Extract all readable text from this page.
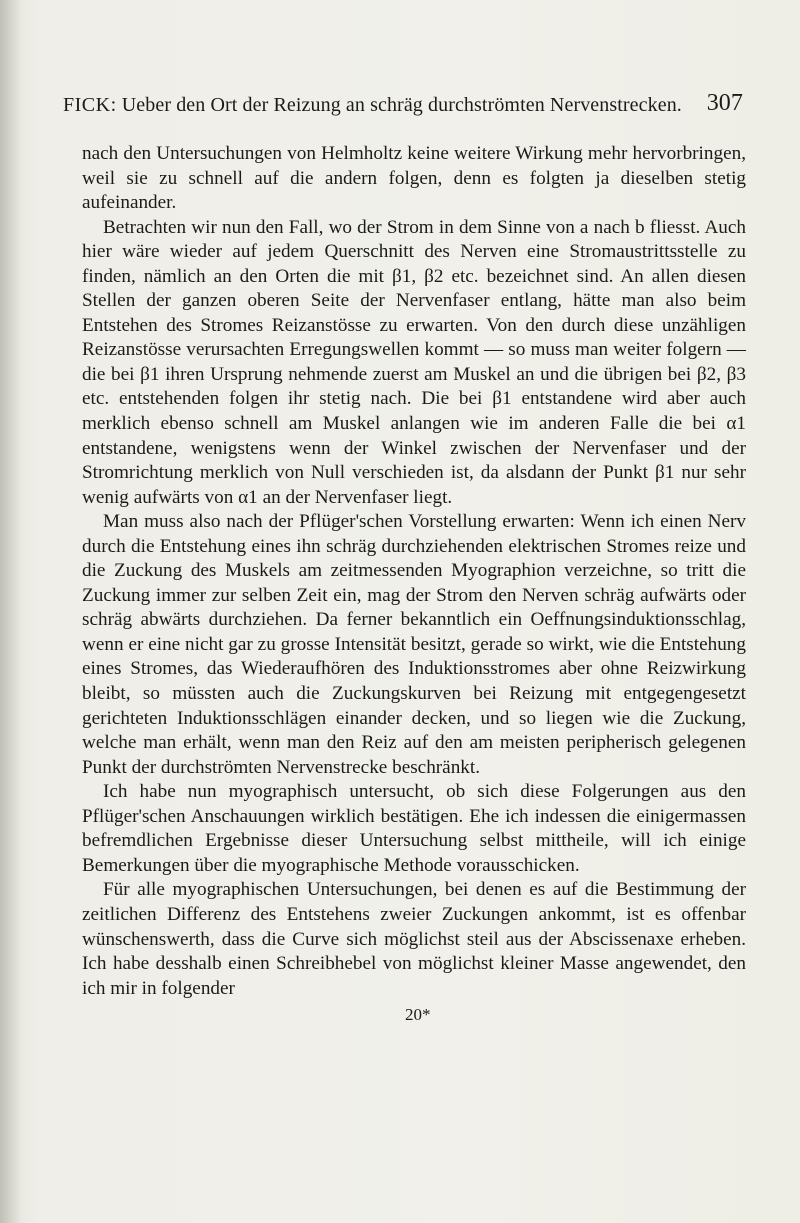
FICK: Ueber den Ort der Reizung an schräg durchströmten Nervenstrecken. 307

nach den Untersuchungen von Helmholtz keine weitere Wirkung mehr hervorbringen, weil sie zu schnell auf die andern folgen, denn es folgten ja dieselben stetig aufeinander.

Betrachten wir nun den Fall, wo der Strom in dem Sinne von a nach b fliesst. Auch hier wäre wieder auf jedem Querschnitt des Nerven eine Stromaustrittsstelle zu finden, nämlich an den Orten die mit β1, β2 etc. bezeichnet sind. An allen diesen Stellen der ganzen oberen Seite der Nervenfaser entlang, hätte man also beim Entstehen des Stromes Reizanstösse zu erwarten. Von den durch diese unzähligen Reizanstösse verursachten Erregungswellen kommt — so muss man weiter folgern — die bei β1 ihren Ursprung nehmende zuerst am Muskel an und die übrigen bei β2, β3 etc. entstehenden folgen ihr stetig nach. Die bei β1 entstandene wird aber auch merklich ebenso schnell am Muskel anlangen wie im anderen Falle die bei α1 entstandene, wenigstens wenn der Winkel zwischen der Nervenfaser und der Stromrichtung merklich von Null verschieden ist, da alsdann der Punkt β1 nur sehr wenig aufwärts von α1 an der Nervenfaser liegt.

Man muss also nach der Pflüger'schen Vorstellung erwarten: Wenn ich einen Nerv durch die Entstehung eines ihn schräg durchziehenden elektrischen Stromes reize und die Zuckung des Muskels am zeitmessenden Myographion verzeichne, so tritt die Zuckung immer zur selben Zeit ein, mag der Strom den Nerven schräg aufwärts oder schräg abwärts durchziehen. Da ferner bekanntlich ein Oeffnungsinduktionsschlag, wenn er eine nicht gar zu grosse Intensität besitzt, gerade so wirkt, wie die Entstehung eines Stromes, das Wiederaufhören des Induktionsstromes aber ohne Reizwirkung bleibt, so müssten auch die Zuckungskurven bei Reizung mit entgegengesetzt gerichteten Induktionsschlägen einander decken, und so liegen wie die Zuckung, welche man erhält, wenn man den Reiz auf den am meisten peripherisch gelegenen Punkt der durchströmten Nervenstrecke beschränkt.

Ich habe nun myographisch untersucht, ob sich diese Folgerungen aus den Pflüger'schen Anschauungen wirklich bestätigen. Ehe ich indessen die einigermassen befremdlichen Ergebnisse dieser Untersuchung selbst mittheile, will ich einige Bemerkungen über die myographische Methode vorausschicken.

Für alle myographischen Untersuchungen, bei denen es auf die Bestimmung der zeitlichen Differenz des Entstehens zweier Zuckungen ankommt, ist es offenbar wünschenswerth, dass die Curve sich möglichst steil aus der Abscissenaxe erheben. Ich habe desshalb einen Schreibhebel von möglichst kleiner Masse angewendet, den ich mir in folgender

20*
